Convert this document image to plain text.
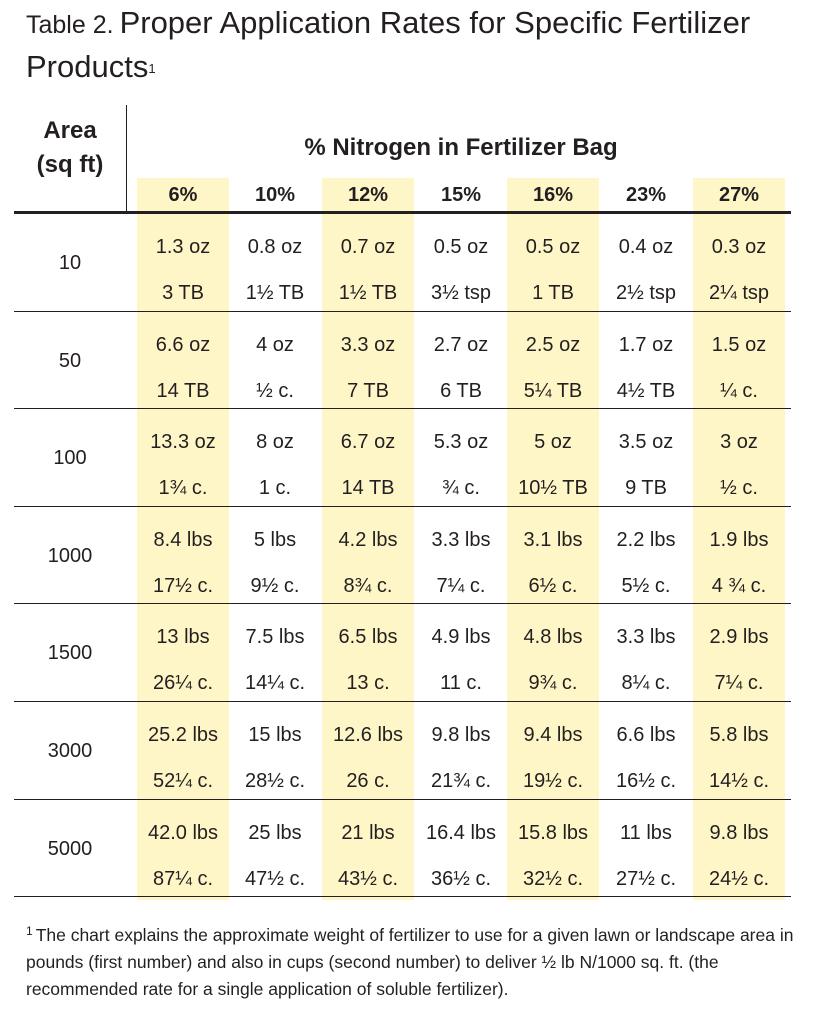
Table 2. Proper Application Rates for Specific Fertilizer Products$^1$
Area
(sq ft)
% Nitrogen in Fertilizer Bag
6%	10%	12%	15%	16%	23%	27%
10
1.3 oz	0.8 oz	0.7 oz	0.5 oz	0.5 oz	0.4 oz	0.3 oz
3 TB	1½ TB	1½ TB	3½ tsp	1 TB	2½ tsp	2¼ tsp
50
6.6 oz	4 oz	3.3 oz	2.7 oz	2.5 oz	1.7 oz	1.5 oz
14 TB	½ c.	7 TB	6 TB	5¼ TB	4½ TB	¼ c.
100
13.3 oz	8 oz	6.7 oz	5.3 oz	5 oz	3.5 oz	3 oz
1¾ c.	1 c.	14 TB	¾ c.	10½ TB	9 TB	½ c.
1000
8.4 lbs	5 lbs	4.2 lbs	3.3 lbs	3.1 lbs	2.2 lbs	1.9 lbs
17½ c.	9½ c.	8¾ c.	7¼ c.	6½ c.	5½ c.	4 ¾ c.
1500
13 lbs	7.5 lbs	6.5 lbs	4.9 lbs	4.8 lbs	3.3 lbs	2.9 lbs
26¼ c.	14¼ c.	13 c.	11 c.	9¾ c.	8¼ c.	7¼ c.
3000
25.2 lbs	15 lbs	12.6 lbs	9.8 lbs	9.4 lbs	6.6 lbs	5.8 lbs
52¼ c.	28½ c.	26 c.	21¾ c.	19½ c.	16½ c.	14½ c.
5000
42.0 lbs	25 lbs	21 lbs	16.4 lbs	15.8 lbs	11 lbs	9.8 lbs
87¼ c.	47½ c.	43½ c.	36½ c.	32½ c.	27½ c.	24½ c.
$^1$ The chart explains the approximate weight of fertilizer to use for a given lawn or landscape area in pounds (first number) and also in cups (second number) to deliver ½ lb N/1000 sq. ft. (the recommended rate for a single application of soluble fertilizer).
